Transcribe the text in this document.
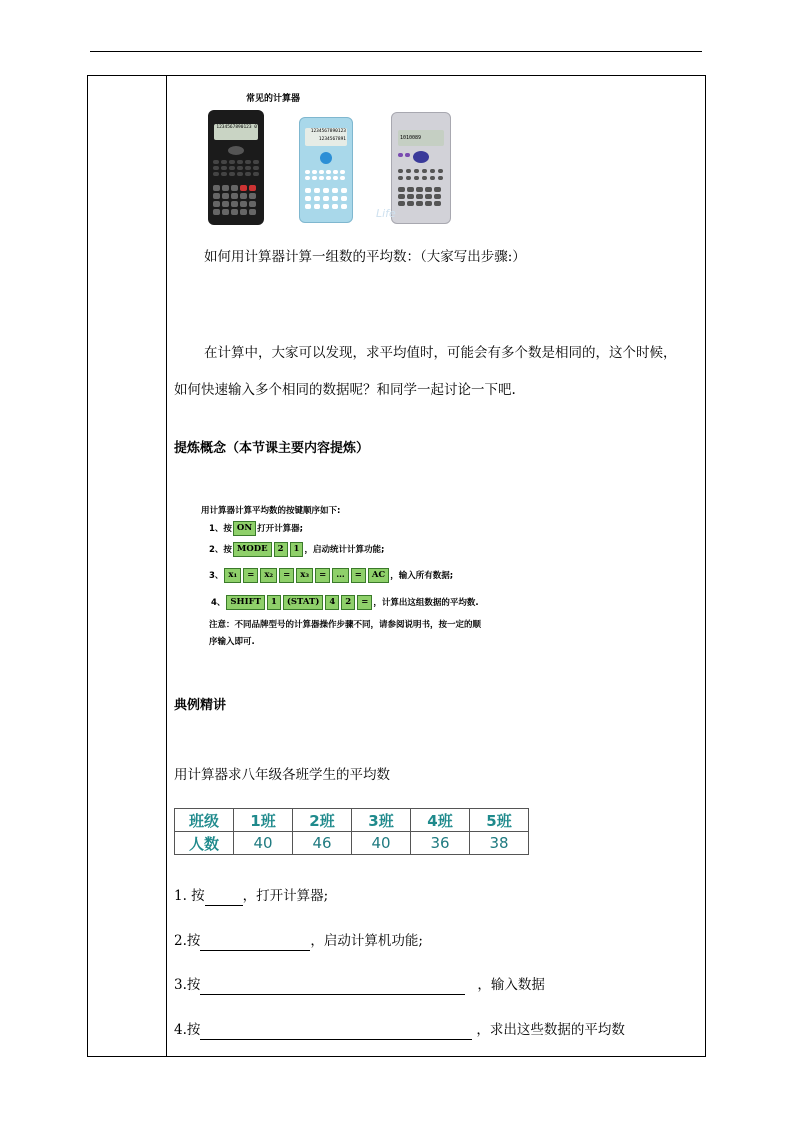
常见的计算器
1234567890123 0
1234567890123 1234567891	1010089
Life
如何用计算器计算一组数的平均数：（大家写出步骤:）
在计算中，大家可以发现，求平均值时，可能会有多个数是相同的，这个时候，
如何快速输入多个相同的数据呢？和同学一起讨论一下吧.
提炼概念（本节课主要内容提炼）
用计算器计算平均数的按键顺序如下:
1、按 ON 打开计算器;
2、按 MODE 2 1 ，启动统计计算功能;
3、 x₁ = x₂ = x₃ = … = AC ，输入所有数据;
4、 SHIFT 1 (STAT) 4 2 = ，计算出这组数据的平均数.
注意：不同品牌型号的计算器操作步骤不同，请参阅说明书，按一定的顺
序输入即可.
典例精讲
用计算器求八年级各班学生的平均数
班级	1班	2班	3班	4班	5班
人数	40	46	40	36	38
1. 按	，打开计算器;
2.按	，启动计算机功能;
3.按	，输入数据
4.按	，求出这些数据的平均数
